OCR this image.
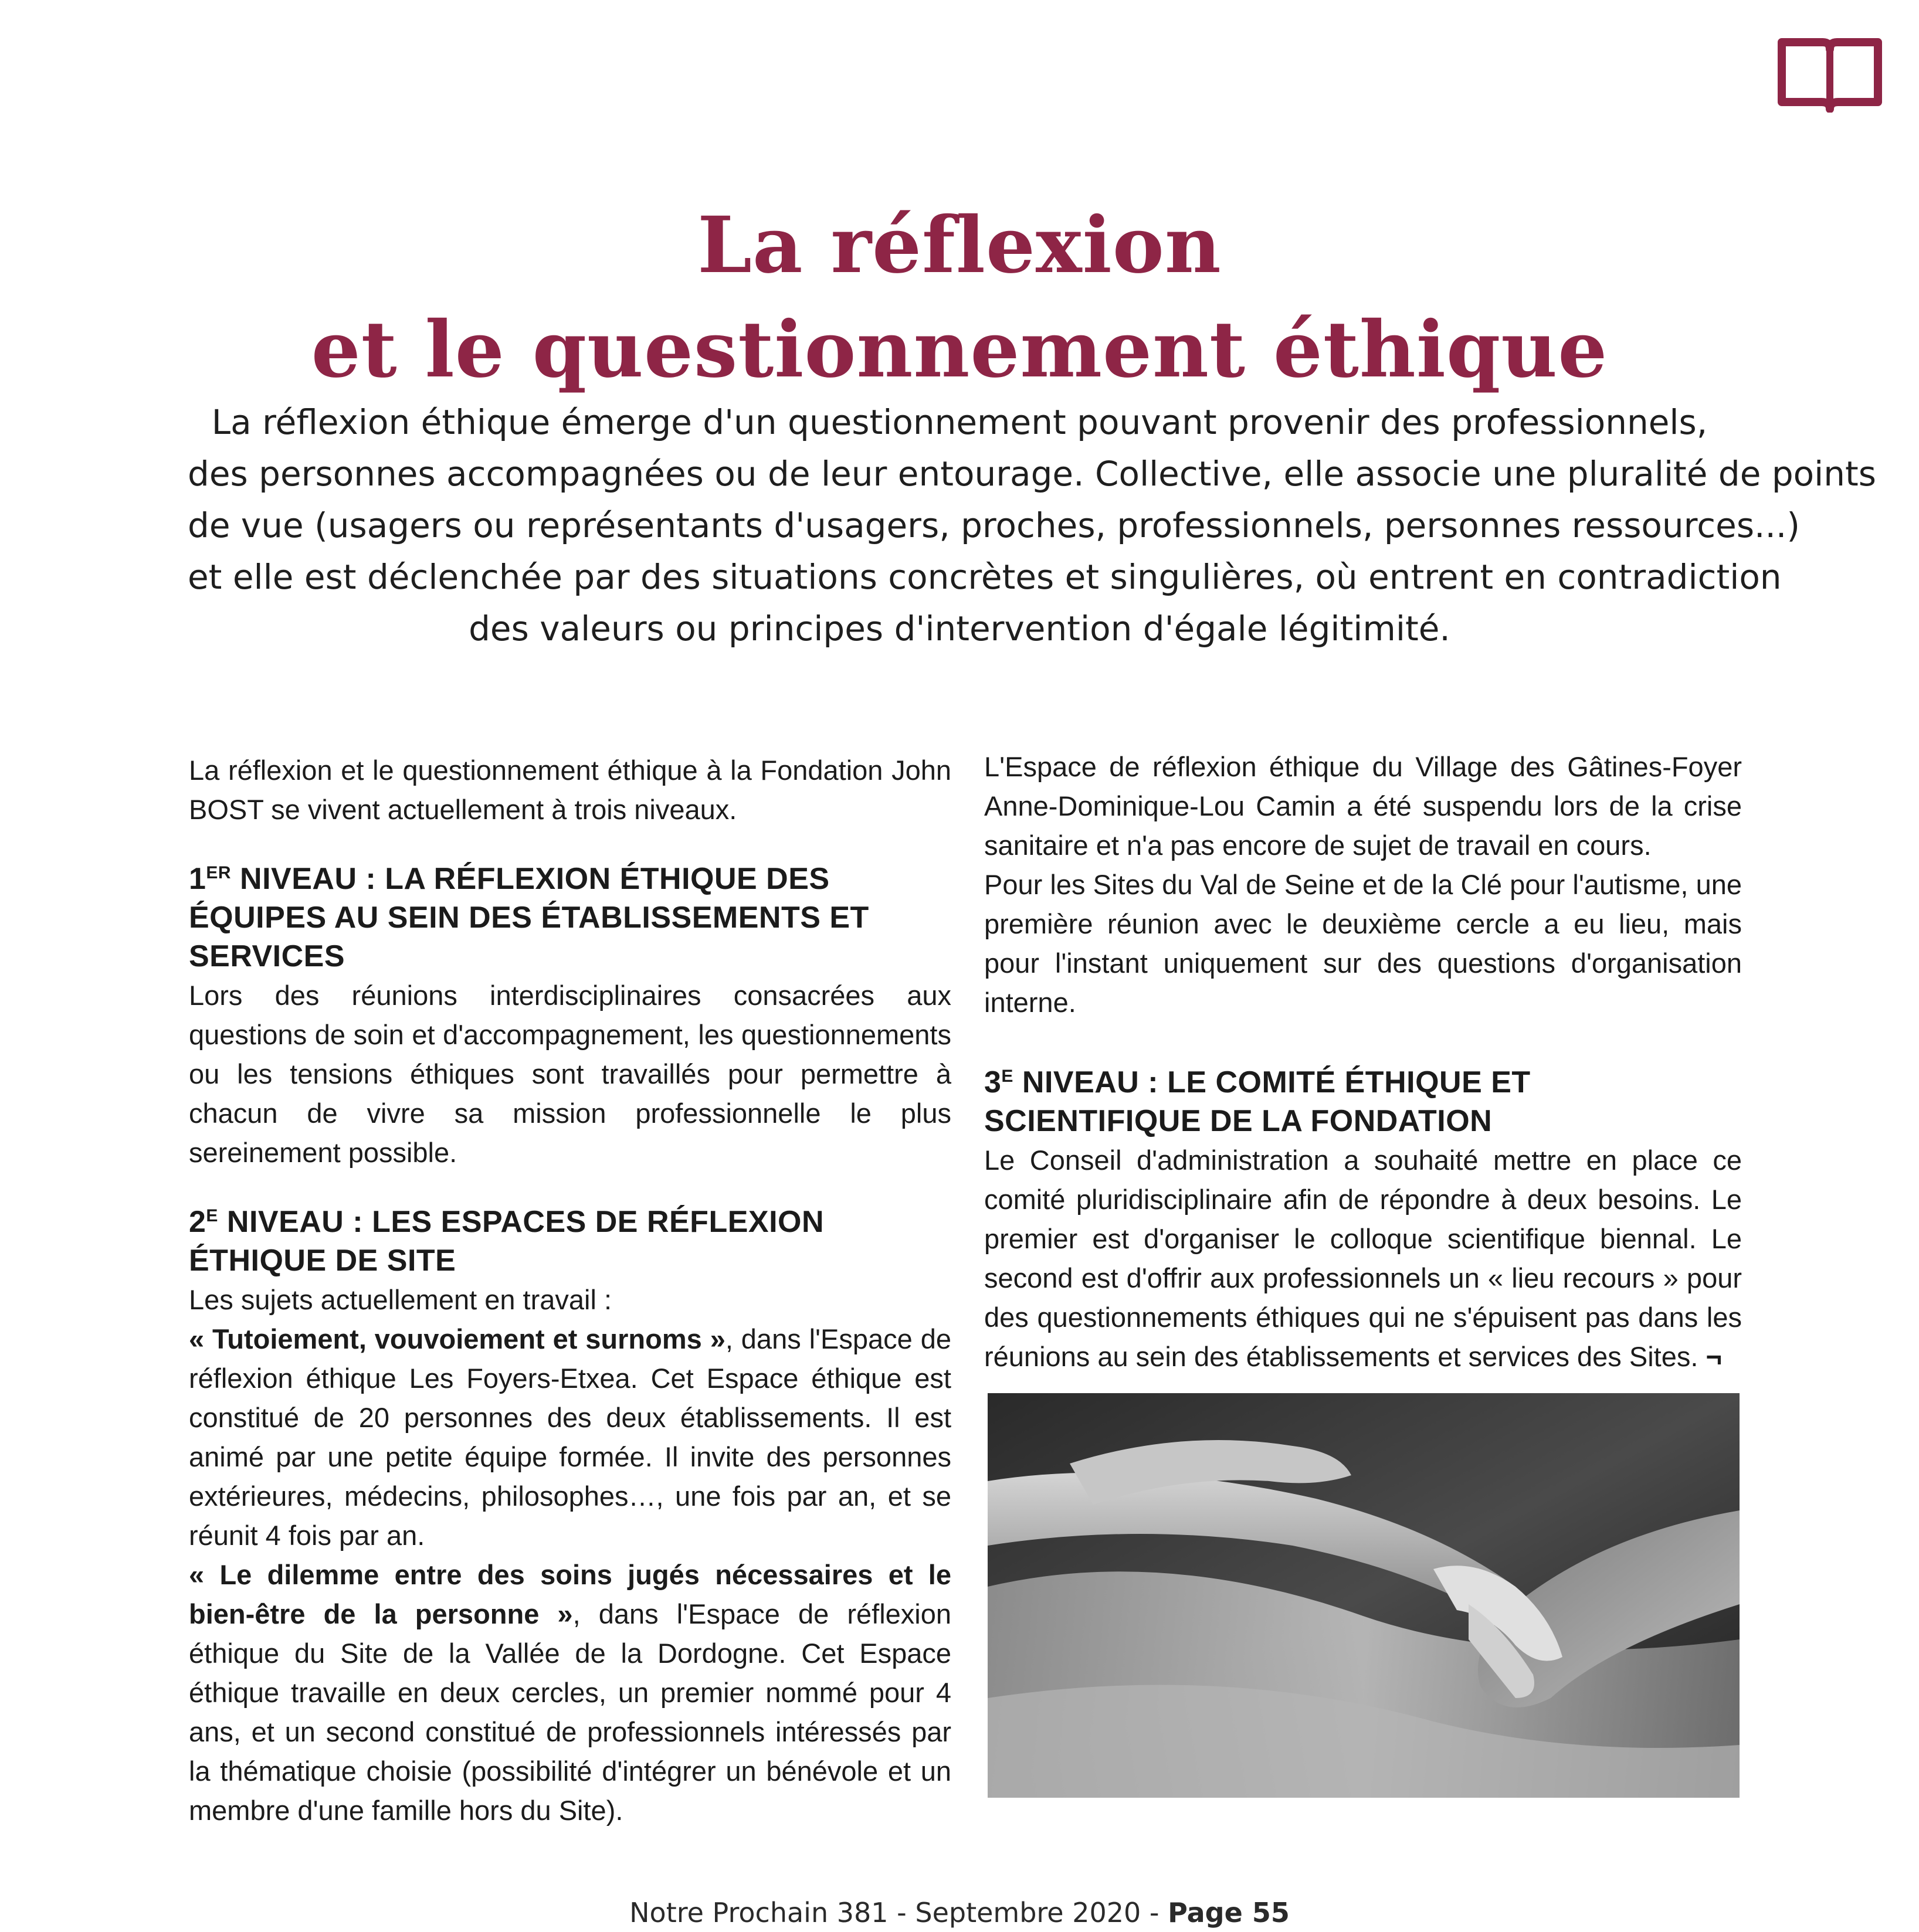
La réflexion
et le questionnement éthique
La réflexion éthique émerge d'un questionnement pouvant provenir des professionnels,
des personnes accompagnées ou de leur entourage. Collective, elle associe une pluralité de points
de vue (usagers ou représentants d'usagers, proches, professionnels, personnes ressources...)
et elle est déclenchée par des situations concrètes et singulières, où entrent en contradiction
des valeurs ou principes d'intervention d'égale légitimité.

La réflexion et le questionnement éthique à la Fondation John BOST se vivent actuellement à trois niveaux.

1ER NIVEAU : LA RÉFLEXION ÉTHIQUE DES ÉQUIPES AU SEIN DES ÉTABLISSEMENTS ET SERVICES

Lors des réunions interdisciplinaires consacrées aux questions de soin et d'accompagnement, les questionnements ou les tensions éthiques sont travaillés pour permettre à chacun de vivre sa mission professionnelle le plus sereinement possible.

$2^E$ NIVEAU : LES ESPACES DE RÉFLEXION ÉTHIQUE DE SITE

Les sujets actuellement en travail :

« Tutoiement, vouvoiement et surnoms », dans l'Espace de réflexion éthique Les Foyers-Etxea. Cet Espace éthique est constitué de 20 personnes des deux établissements. Il est animé par une petite équipe formée. Il invite des personnes extérieures, médecins, philosophes…, une fois par an, et se réunit 4 fois par an.

« Le dilemme entre des soins jugés nécessaires et le bien-être de la personne », dans l'Espace de réflexion éthique du Site de la Vallée de la Dordogne. Cet Espace éthique travaille en deux cercles, un premier nommé pour 4 ans, et un second constitué de professionnels intéressés par la thématique choisie (possibilité d'intégrer un bénévole et un membre d'une famille hors du Site).

L'Espace de réflexion éthique du Village des Gâtines-Foyer Anne-Dominique-Lou Camin a été suspendu lors de la crise sanitaire et n'a pas encore de sujet de travail en cours.

Pour les Sites du Val de Seine et de la Clé pour l'autisme, une première réunion avec le deuxième cercle a eu lieu, mais pour l'instant uniquement sur des questions d'organisation interne.

$3^E$ NIVEAU : LE COMITÉ ÉTHIQUE ET SCIENTIFIQUE DE LA FONDATION

Le Conseil d'administration a souhaité mettre en place ce comité pluridisciplinaire afin de répondre à deux besoins. Le premier est d'organiser le colloque scientifique biennal. Le second est d'offrir aux professionnels un « lieu recours » pour des questionnements éthiques qui ne s'épuisent pas dans les réunions au sein des établissements et services des Sites. ¬

Notre Prochain 381 - Septembre 2020 - Page 55
